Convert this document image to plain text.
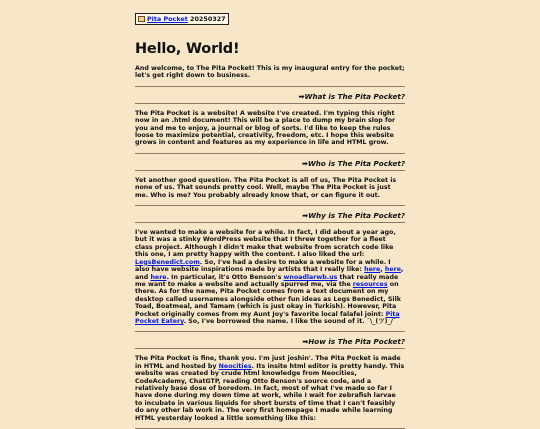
Pita Pocket 20250327
Hello, World!

And welcome, to The Pita Pocket! This is my inaugural entry for the pocket; let's get right down to business.

➡What is The Pita Pocket?

The Pita Pocket is a website! A website I've created. I'm typing this right now in an .html document! This will be a place to dump my brain slop for you and me to enjoy, a journal or blog of sorts. I'd like to keep the rules loose to maximize potential, creativity, freedom, etc. I hope this website grows in content and features as my experience in life and HTML grow.

➡Who is The Pita Pocket?

Yet another good question. The Pita Pocket is all of us, The Pita Pocket is none of us. That sounds pretty cool. Well, maybe The Pita Pocket is just me. Who is me? You probably already know that, or can figure it out.

➡Why is The Pita Pocket?

I've wanted to make a website for a while. In fact, I did about a year ago, but it was a stinky WordPress website that I threw together for a fleet class project. Although I didn't make that website from scratch code like this one, I am pretty happy with the content. I also liked the url: LegsBenedict.com. So, I've had a desire to make a website for a while. I also have website inspirations made by artists that I really like: here, here, and here. In particular, it's Otto Benson's wnoadlarwb.us that really made me want to make a website and actually spurred me, via the resources on there. As for the name, Pita Pocket comes from a text document on my desktop called usernames alongside other fun ideas as Legs Benedict, Silk Toad, Boatmeal, and Tamam (which is just okay in Turkish). However, Pita Pocket originally comes from my Aunt Joy's favorite local falafel joint: Pita Pocket Eatery. So, I've borrowed the name. I like the sound of it. ¯\_(ツ)_/¯

➡How is The Pita Pocket?

The Pita Pocket is fine, thank you. I'm just joshin'. The Pita Pocket is made in HTML and hosted by Neocities. Its insite html editor is pretty handy. This website was created by crude html knowledge from Neocities, CodeAcademy, ChatGTP, reading Otto Benson's source code, and a relatively base dose of boredom. In fact, most of what I've made so far I have done during my down time at work, while I wait for zebrafish larvae to incubate in various liquids for short bursts of time that I can't feasibly do any other lab work in. The very first homepage I made while learning HTML yesterday looked a little something like this:
